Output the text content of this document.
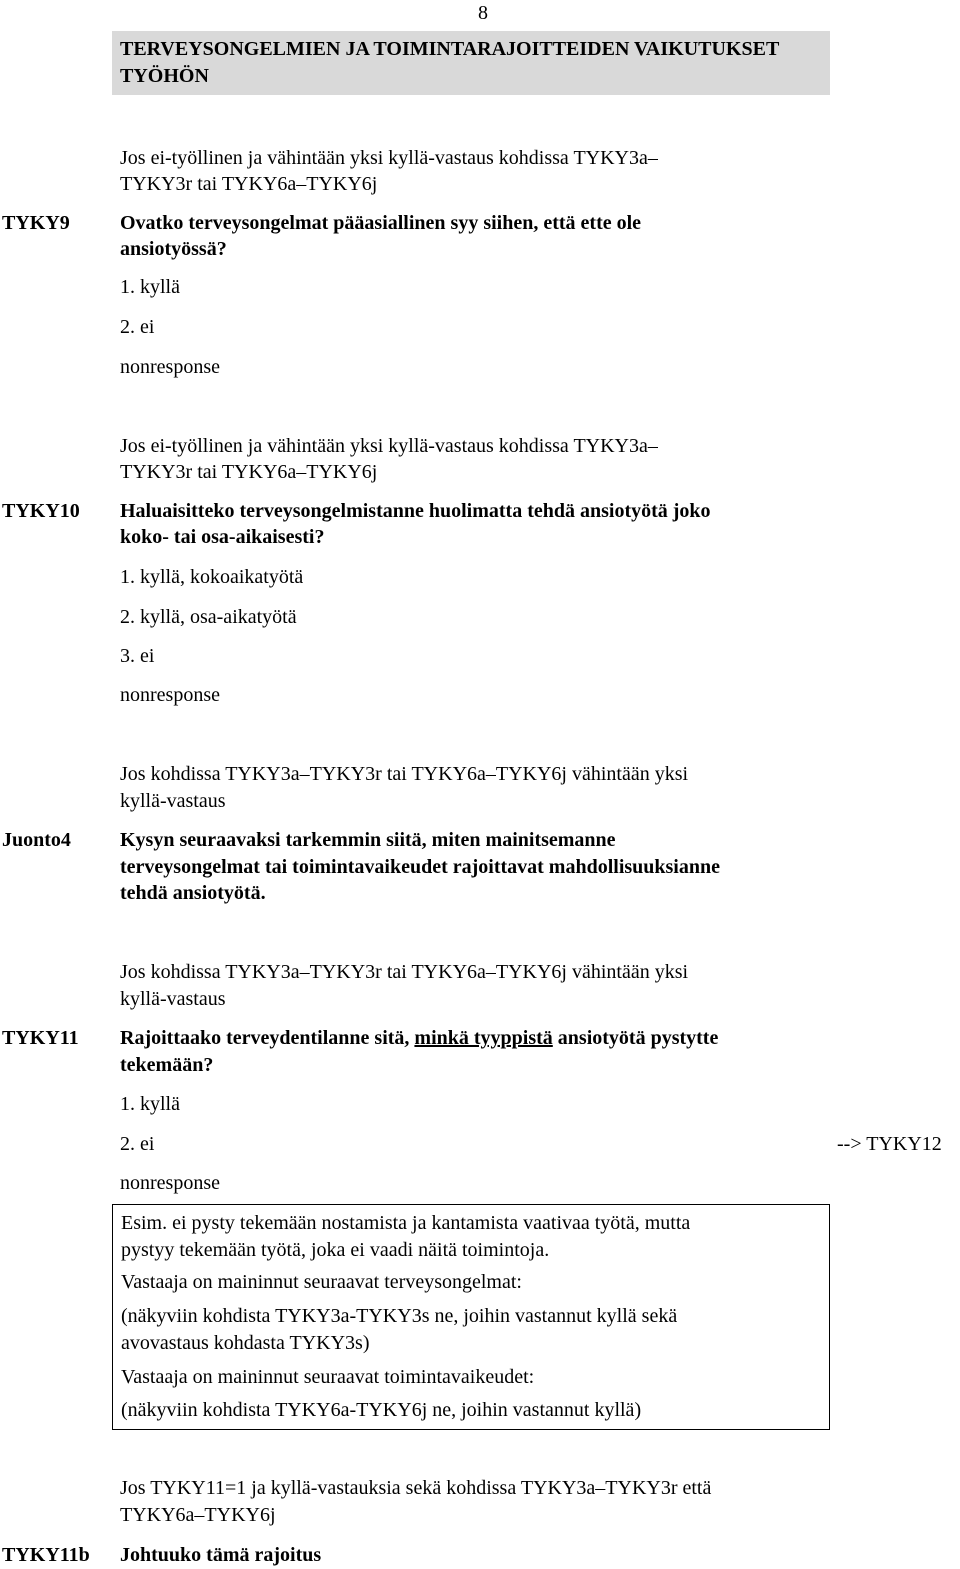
8
TERVEYSONGELMIEN JA TOIMINTARAJOITTEIDEN VAIKUTUKSET TYÖHÖN
Jos ei-työllinen ja vähintään yksi kyllä-vastaus kohdissa TYKY3a–
TYKY3r tai TYKY6a–TYKY6j
TYKY9	Ovatko terveysongelmat pääasiallinen syy siihen, että ette ole
ansiotyössä?
1. kyllä
2. ei
nonresponse
Jos ei-työllinen ja vähintään yksi kyllä-vastaus kohdissa TYKY3a–
TYKY3r tai TYKY6a–TYKY6j
TYKY10 Haluaisitteko terveysongelmistanne huolimatta tehdä ansiotyötä joko
koko- tai osa-aikaisesti?
1. kyllä, kokoaikatyötä
2. kyllä, osa-aikatyötä
3. ei
nonresponse
Jos kohdissa TYKY3a–TYKY3r tai TYKY6a–TYKY6j vähintään yksi
kyllä-vastaus
Juonto4 Kysyn seuraavaksi tarkemmin siitä, miten mainitsemanne
terveysongelmat tai toimintavaikeudet rajoittavat mahdollisuuksianne
tehdä ansiotyötä.
Jos kohdissa TYKY3a–TYKY3r tai TYKY6a–TYKY6j vähintään yksi
kyllä-vastaus
TYKY11 Rajoittaako terveydentilanne sitä, minkä tyyppistä ansiotyötä pystytte
tekemään?
1. kyllä
2. ei	--> TYKY12
nonresponse
Esim. ei pysty tekemään nostamista ja kantamista vaativaa työtä, mutta
pystyy tekemään työtä, joka ei vaadi näitä toimintoja.
Vastaaja on maininnut seuraavat terveysongelmat:
(näkyviin kohdista TYKY3a-TYKY3s ne, joihin vastannut kyllä sekä
avovastaus kohdasta TYKY3s)
Vastaaja on maininnut seuraavat toimintavaikeudet:
(näkyviin kohdista TYKY6a-TYKY6j ne, joihin vastannut kyllä)
Jos TYKY11=1 ja kyllä-vastauksia sekä kohdissa TYKY3a–TYKY3r että
TYKY6a–TYKY6j
TYKY11b Johtuuko tämä rajoitus
